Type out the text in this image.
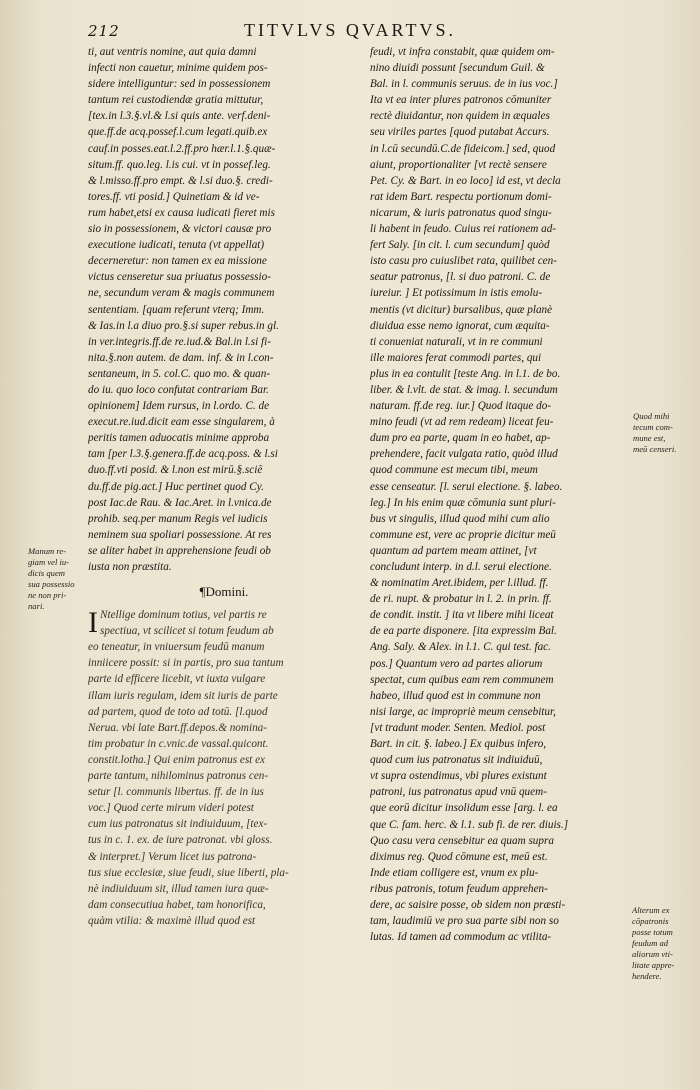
212	TITVLVS QVARTVS.
ti, aut ventris nomine, aut quia damni
infecti non cauetur, minime quidem pos-
sidere intelliguntur: sed in possessionem
tantum rei custodiendæ gratia mittutur,
[tex.in l.3.§.vl.& l.si quis ante. verf.deni-
que.ff.de acq.possef.l.cum legati.quib.ex
cauf.in posses.eat.l.2.ff.pro hær.l.1.§.quæ-
situm.ff. quo.leg. l.is cui. vt in possef.leg.
& l.misso.ff.pro empt. & l.si duo.§. credi-
tores.ff. vti posid.] Quinetiam & id ve-
rum habet,etsi ex causa iudicati fieret mis
sio in possessionem, & victori causæ pro
executione iudicati, tenuta (vt appellat)
decerneretur: non tamen ex ea missione
victus censeretur sua priuatus possessio-
ne, secundum veram & magis communem
sententiam. [quam referunt vterq; Imm.
& Ias.in l.a diuo pro.§.si super rebus.in gl.
in ver.integris.ff.de re.iud.& Bal.in l.si fi-
nita.§.non autem. de dam. inf. & in l.con-
sentaneum, in 5. col.C. quo mo. & quan-
do iu. quo loco confutat contrariam Bar.
opinionem] Idem rursus, in l.ordo. C. de
execut.re.iud.dicit eam esse singularem, à
peritis tamen aduocatis minime approba
tam [per l.3.§.genera.ff.de acq.poss. & l.si
duo.ff.vti posid. & l.non est mirū.§.sciē
du.ff.de pig.act.] Huc pertinet quod Cy.
post Iac.de Rau. & Iac.Aret. in l.vnica.de
prohib. seq.per manum Regis vel iudicis
neminem sua spoliari possessione. At res
se aliter habet in apprehensione feudi ob
iusta non præstita.
¶Domini.
I Ntellige dominum totius, vel partis re
spectiua, vt scilicet si totum feudum ab
eo teneatur, in vniuersum feudū manum
inniicere possit: si in partis, pro sua tantum
parte id efficere licebit, vt iuxta vulgare
illam iuris regulam, idem sit iuris de parte
ad partem, quod de toto ad totū. [l.quod
Nerua. vbi late Bart.ff.depos.& nomina-
tim probatur in c.vnic.de vassal.quicont.
constit.lotha.] Qui enim patronus est ex
parte tantum, nihilominus patronus cen-
setur [l. communis libertus. ff. de in ius
voc.] Quod certe mirum videri potest
cum ius patronatus sit indiuiduum, [tex-
tus in c. 1. ex. de iure patronat. vbi gloss.
& interpret.] Verum licet ius patrona-
tus siue ecclesiæ, siue feudi, siue liberti, pla-
nè indiuiduum sit, illud tamen iura quæ-
dam consecutiua habet, tam honorifica,
quàm vtilia: & maximè illud quod est
feudi, vt infra constabit, quæ quidem om-
nino diuidi possunt [secundum Guil. &
Bal. in l. communis seruus. de in ius voc.]
Ita vt ea inter plures patronos cōmuniter
rectè diuidantur, non quidem in æquales
seu viriles partes [quod putabat Accurs.
in l.cū secundū.C.de fideicom.] sed, quod
aiunt, proportionaliter [vt rectè sensere
Pet. Cy. & Bart. in eo loco] id est, vt decla
rat idem Bart. respectu portionum domi-
nicarum, & iuris patronatus quod singu-
li habent in feudo. Cuius rei rationem ad-
fert Saly. [in cit. l. cum secundum] quòd
isto casu pro cuiuslibet rata, quilibet cen-
seatur patronus, [l. si duo patroni. C. de
iureiur. ] Et potissimum in istis emolu-
mentis (vt dicitur) bursalibus, quæ planè
diuidua esse nemo ignorat, cum æquita-
ti conueniat naturali, vt in re communi
ille maiores ferat commodi partes, qui
plus in ea contulit [teste Ang. in l.1. de bo.
liber. & l.vlt. de stat. & imag. l. secundum
naturam. ff.de reg. iur.] Quod itaque do-
mino feudi (vt ad rem redeam) liceat feu-
dum pro ea parte, quam in eo habet, ap-
prehendere, facit vulgata ratio, quòd illud
quod commune est mecum tibi, meum
esse censeatur. [l. serui electione. §. labeo.
leg.] In his enim quæ cōmunia sunt pluri-
bus vt singulis, illud quod mihi cum alio
commune est, vere ac proprie dicitur meū
quantum ad partem meam attinet, [vt
concludunt interp. in d.l. serui electione.
& nominatim Aret.ibidem, per l.illud. ff.
de ri. nupt. & probatur in l. 2. in prin. ff.
de condit. instit. ] ita vt libere mihi liceat
de ea parte disponere. [ita expressim Bal.
Ang. Saly. & Alex. in l.1. C. qui test. fac.
pos.] Quantum vero ad partes aliorum
spectat, cum quibus eam rem communem
habeo, illud quod est in commune non
nisi large, ac impropriè meum censebitur,
[vt tradunt moder. Senten. Mediol. post
Bart. in cit. §. labeo.] Ex quibus infero,
quod cum ius patronatus sit indiuiduū,
vt supra ostendimus, vbi plures existunt
patroni, ius patronatus apud vnū quem-
que eorū dicitur insolidum esse [arg. l. ea
que C. fam. herc. & l.1. sub fi. de rer. diuis.]
Quo casu vera censebitur ea quam supra
diximus reg. Quod cōmune est, meū est.
Inde etiam colligere est, vnum ex plu-
ribus patronis, totum feudum apprehen-
dere, ac saisire posse, ob sidem non præsti-
tam, laudimiū ve pro sua parte sibi non so
lutas. Id tamen ad commodum ac vtilita-
Manum re-
giam vel iu-
dicis quem
sua possessio
ne non pri-
nari.
Quod mihi
tecum com-
mune est,
meū censeri.
Alterum ex
cōpatronis
posse totum
feudum ad
aliorum vti-
litate appre-
hendere.
